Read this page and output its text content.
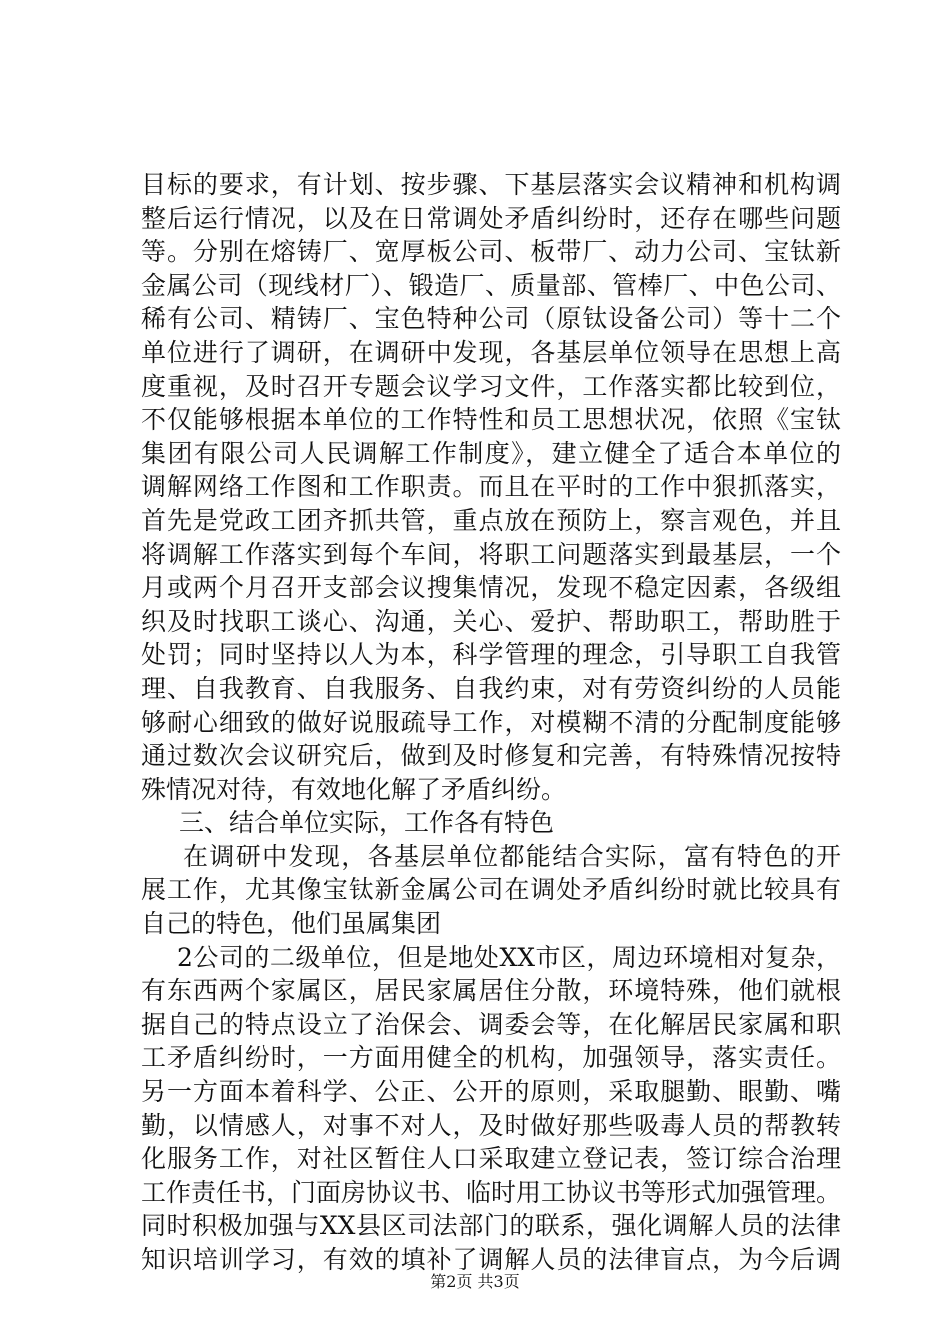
目标的要求，有计划、按步骤、下基层落实会议精神和机构调
整后运行情况，以及在日常调处矛盾纠纷时，还存在哪些问题
等。分别在熔铸厂、宽厚板公司、板带厂、动力公司、宝钛新
金属公司（现线材厂）、锻造厂、质量部、管棒厂、中色公司、
稀有公司、精铸厂、宝色特种公司（原钛设备公司）等十二个
单位进行了调研，在调研中发现，各基层单位领导在思想上高
度重视，及时召开专题会议学习文件，工作落实都比较到位，
不仅能够根据本单位的工作特性和员工思想状况，依照《宝钛
集团有限公司人民调解工作制度》，建立健全了适合本单位的
调解网络工作图和工作职责。而且在平时的工作中狠抓落实，
首先是党政工团齐抓共管，重点放在预防上，察言观色，并且
将调解工作落实到每个车间，将职工问题落实到最基层，一个
月或两个月召开支部会议搜集情况，发现不稳定因素，各级组
织及时找职工谈心、沟通，关心、爱护、帮助职工，帮助胜于
处罚；同时坚持以人为本，科学管理的理念，引导职工自我管
理、自我教育、自我服务、自我约束，对有劳资纠纷的人员能
够耐心细致的做好说服疏导工作，对模糊不清的分配制度能够
通过数次会议研究后，做到及时修复和完善，有特殊情况按特
殊情况对待，有效地化解了矛盾纠纷。
三、结合单位实际，工作各有特色
在调研中发现，各基层单位都能结合实际，富有特色的开
展工作，尤其像宝钛新金属公司在调处矛盾纠纷时就比较具有
自己的特色，他们虽属集团
2公司的二级单位，但是地处XX市区，周边环境相对复杂，
有东西两个家属区，居民家属居住分散，环境特殊，他们就根
据自己的特点设立了治保会、调委会等，在化解居民家属和职
工矛盾纠纷时，一方面用健全的机构，加强领导，落实责任。
另一方面本着科学、公正、公开的原则，采取腿勤、眼勤、嘴
勤，以情感人，对事不对人，及时做好那些吸毒人员的帮教转
化服务工作，对社区暂住人口采取建立登记表，签订综合治理
工作责任书，门面房协议书、临时用工协议书等形式加强管理。
同时积极加强与XX县区司法部门的联系，强化调解人员的法律
知识培训学习，有效的填补了调解人员的法律盲点，为今后调
第2页 共3页
